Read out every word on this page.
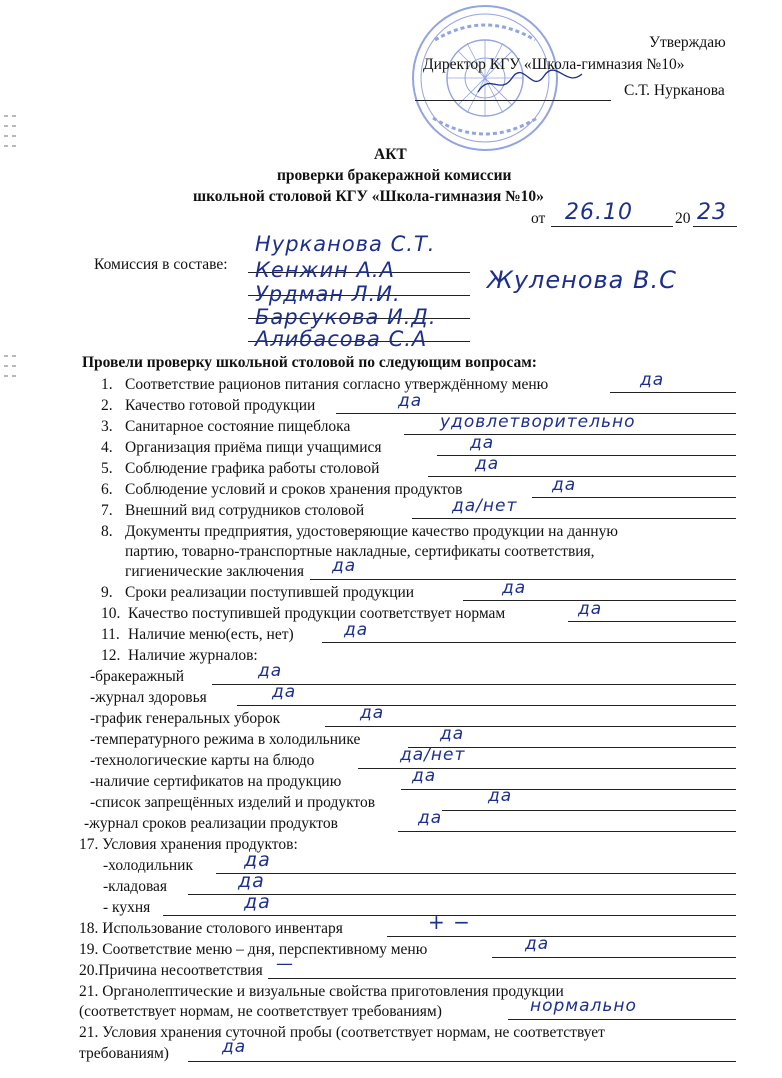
Утверждаю
Директор КГУ «Школа-гимназия №10»
С.Т. Нурканова
АКТ
проверки бракеражной комиссии
школьной столовой КГУ «Школа-гимназия №10»
от 26.10	20 23
Комиссия в составе:
Нурканова С.Т.
Кенжин А.А
Урдман Л.И.
Барсукова И.Д.
Алибасова С.А
Жуленова В.С
Провели проверку школьной столовой по следующим вопросам:
1. Соответствие рационов питания согласно утверждённому меню	да
2. Качество готовой продукции	да
3. Санитарное состояние пищеблока	удовлетворительно
4. Организация приёма пищи учащимися	да
5. Соблюдение графика работы столовой	да
6. Соблюдение условий и сроков хранения продуктов	да
7. Внешний вид сотрудников столовой	да/нет
8. Документы предприятия, удостоверяющие качество продукции на данную
партию, товарно-транспортные накладные, сертификаты соответствия,
гигиенические заключения да
9. Сроки реализации поступившей продукции	да
10. Качество поступившей продукции соответствует нормам	да
11. Наличие меню(есть, нет)	да
12. Наличие журналов:
-бракеражный	да
-журнал здоровья	да
-график генеральных уборок	да
-температурного режима в холодильнике	да
-технологические карты на блюдо	да/нет
-наличие сертификатов на продукцию	да
-список запрещённых изделий и продуктов	да
-журнал сроков реализации продуктов	да
17. Условия хранения продуктов:
-холодильник	да
-кладовая	да
- кухня	да
18. Использование столового инвентаря	+ −
19. Соответствие меню – дня, перспективному меню	да
20.Причина несоответствия —
21. Органолептические и визуальные свойства приготовления продукции
(соответствует нормам, не соответствует требованиям)	нормально
21. Условия хранения суточной пробы (соответствует нормам, не соответствует
требованиям)	да
